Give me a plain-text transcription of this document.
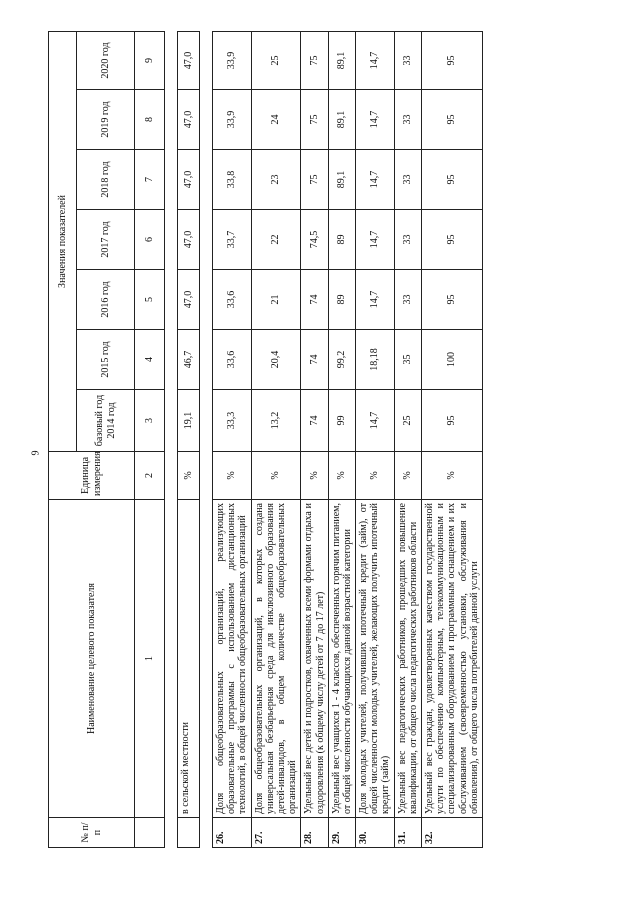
9
№ п/п	Наименование целевого показателя	Единица измерения	Значения показателей						
			базовый год 2014 год	2015 год	2016 год	2017 год	2018 год	2019 год	2020 год
	1	2	3	4	5	6	7	8	9

	в сельской местности	%	19,1	46,7	47,0	47,0	47,0	47,0	47,0

26.	Доля общеобразовательных организаций, реализующих образовательные программы с использованием дистанционных технологий, в общей численности общеобразовательных организаций	%	33,3	33,6	33,6	33,7	33,8	33,9	33,9
27.	Доля общеобразовательных организаций, в которых создана универсальная безбарьерная среда для инклюзивного образования детей-инвалидов, в общем количестве общеобразовательных организаций	%	13,2	20,4	21	22	23	24	25
28.	Удельный вес детей и подростков, охваченных всеми формами отдыха и оздоровления (к общему числу детей от 7 до 17 лет)	%	74	74	74	74,5	75	75	75
29.	Удельный вес учащихся 1 - 4 классов, обеспеченных горячим питанием, от общей численности обучающихся данной возрастной категории	%	99	99,2	89	89	89,1	89,1	89,1
30.	Доля молодых учителей, получивших ипотечный кредит (займ), от общей численности молодых учителей, желающих получить ипотечный кредит (займ)	%	14,7	18,18	14,7	14,7	14,7	14,7	14,7
31.	Удельный вес педагогических работников, прошедших повышение квалификации, от общего числа педагогических работников области	%	25	35	33	33	33	33	33
32.	Удельный вес граждан, удовлетворенных качеством государственной услуги по обеспечению компьютерным, телекоммуникационным и специализированным оборудованием и программным оснащением и их обслуживанием (своевременностью установки, обслуживания и обновления), от общего числа потребителей данной услуги	%	95	100	95	95	95	95	95
